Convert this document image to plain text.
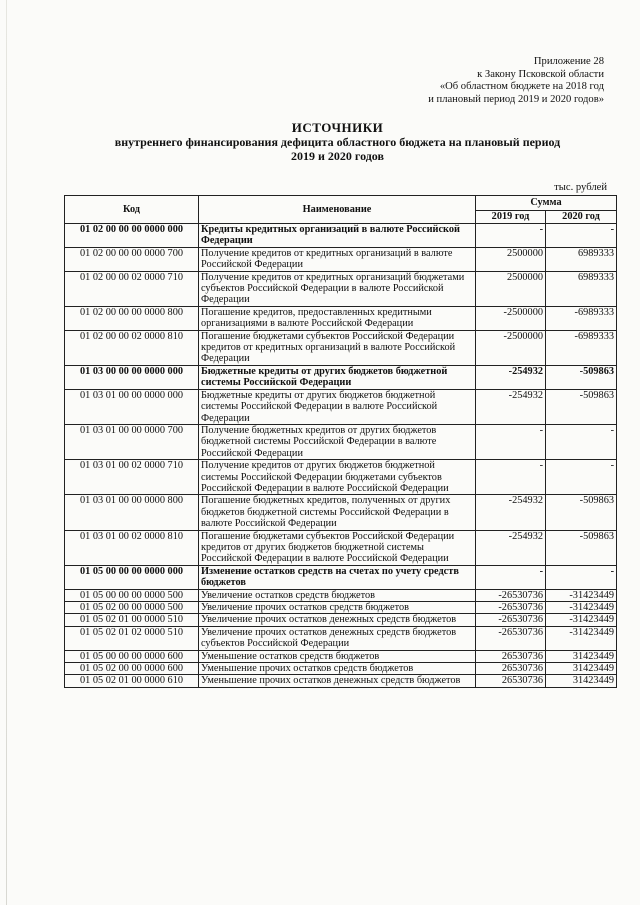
Приложение 28
к Закону Псковской области
«Об областном бюджете на 2018 год
и плановый период 2019 и 2020 годов»
ИСТОЧНИКИ
внутреннего финансирования дефицита областного бюджета на плановый период
2019 и 2020 годов
тыс. рублей
Код	Наименование	Сумма	
		2019 год	2020 год
01 02 00 00 00 0000 000	Кредиты кредитных организаций в валюте Российской Федерации	-	-
01 02 00 00 00 0000 700	Получение кредитов от кредитных организаций в валюте Российской Федерации	2500000	6989333
01 02 00 00 02 0000 710	Получение кредитов от кредитных организаций бюджетами субъектов Российской Федерации в валюте Российской Федерации	2500000	6989333
01 02 00 00 00 0000 800	Погашение кредитов, предоставленных кредитными организациями в валюте Российской Федерации	-2500000	-6989333
01 02 00 00 02 0000 810	Погашение бюджетами субъектов Российской Федерации кредитов от кредитных организаций в валюте Российской Федерации	-2500000	-6989333
01 03 00 00 00 0000 000	Бюджетные кредиты от других бюджетов бюджетной системы Российской Федерации	-254932	-509863
01 03 01 00 00 0000 000	Бюджетные кредиты от других бюджетов бюджетной системы Российской Федерации в валюте Российской Федерации	-254932	-509863
01 03 01 00 00 0000 700	Получение бюджетных кредитов от других бюджетов бюджетной системы Российской Федерации в валюте Российской Федерации	-	-
01 03 01 00 02 0000 710	Получение кредитов от других бюджетов бюджетной системы Российской Федерации бюджетами субъектов Российской Федерации в валюте Российской Федерации	-	-
01 03 01 00 00 0000 800	Погашение бюджетных кредитов, полученных от других бюджетов бюджетной системы Российской Федерации в валюте Российской Федерации	-254932	-509863
01 03 01 00 02 0000 810	Погашение бюджетами субъектов Российской Федерации кредитов от других бюджетов бюджетной системы Российской Федерации в валюте Российской Федерации	-254932	-509863
01 05 00 00 00 0000 000	Изменение остатков средств на счетах по учету средств бюджетов	-	-
01 05 00 00 00 0000 500	Увеличение остатков средств бюджетов	-26530736	-31423449
01 05 02 00 00 0000 500	Увеличение прочих остатков средств бюджетов	-26530736	-31423449
01 05 02 01 00 0000 510	Увеличение прочих остатков денежных средств бюджетов	-26530736	-31423449
01 05 02 01 02 0000 510	Увеличение прочих остатков денежных средств бюджетов субъектов Российской Федерации	-26530736	-31423449
01 05 00 00 00 0000 600	Уменьшение остатков средств бюджетов	26530736	31423449
01 05 02 00 00 0000 600	Уменьшение прочих остатков средств бюджетов	26530736	31423449
01 05 02 01 00 0000 610	Уменьшение прочих остатков денежных средств бюджетов	26530736	31423449
